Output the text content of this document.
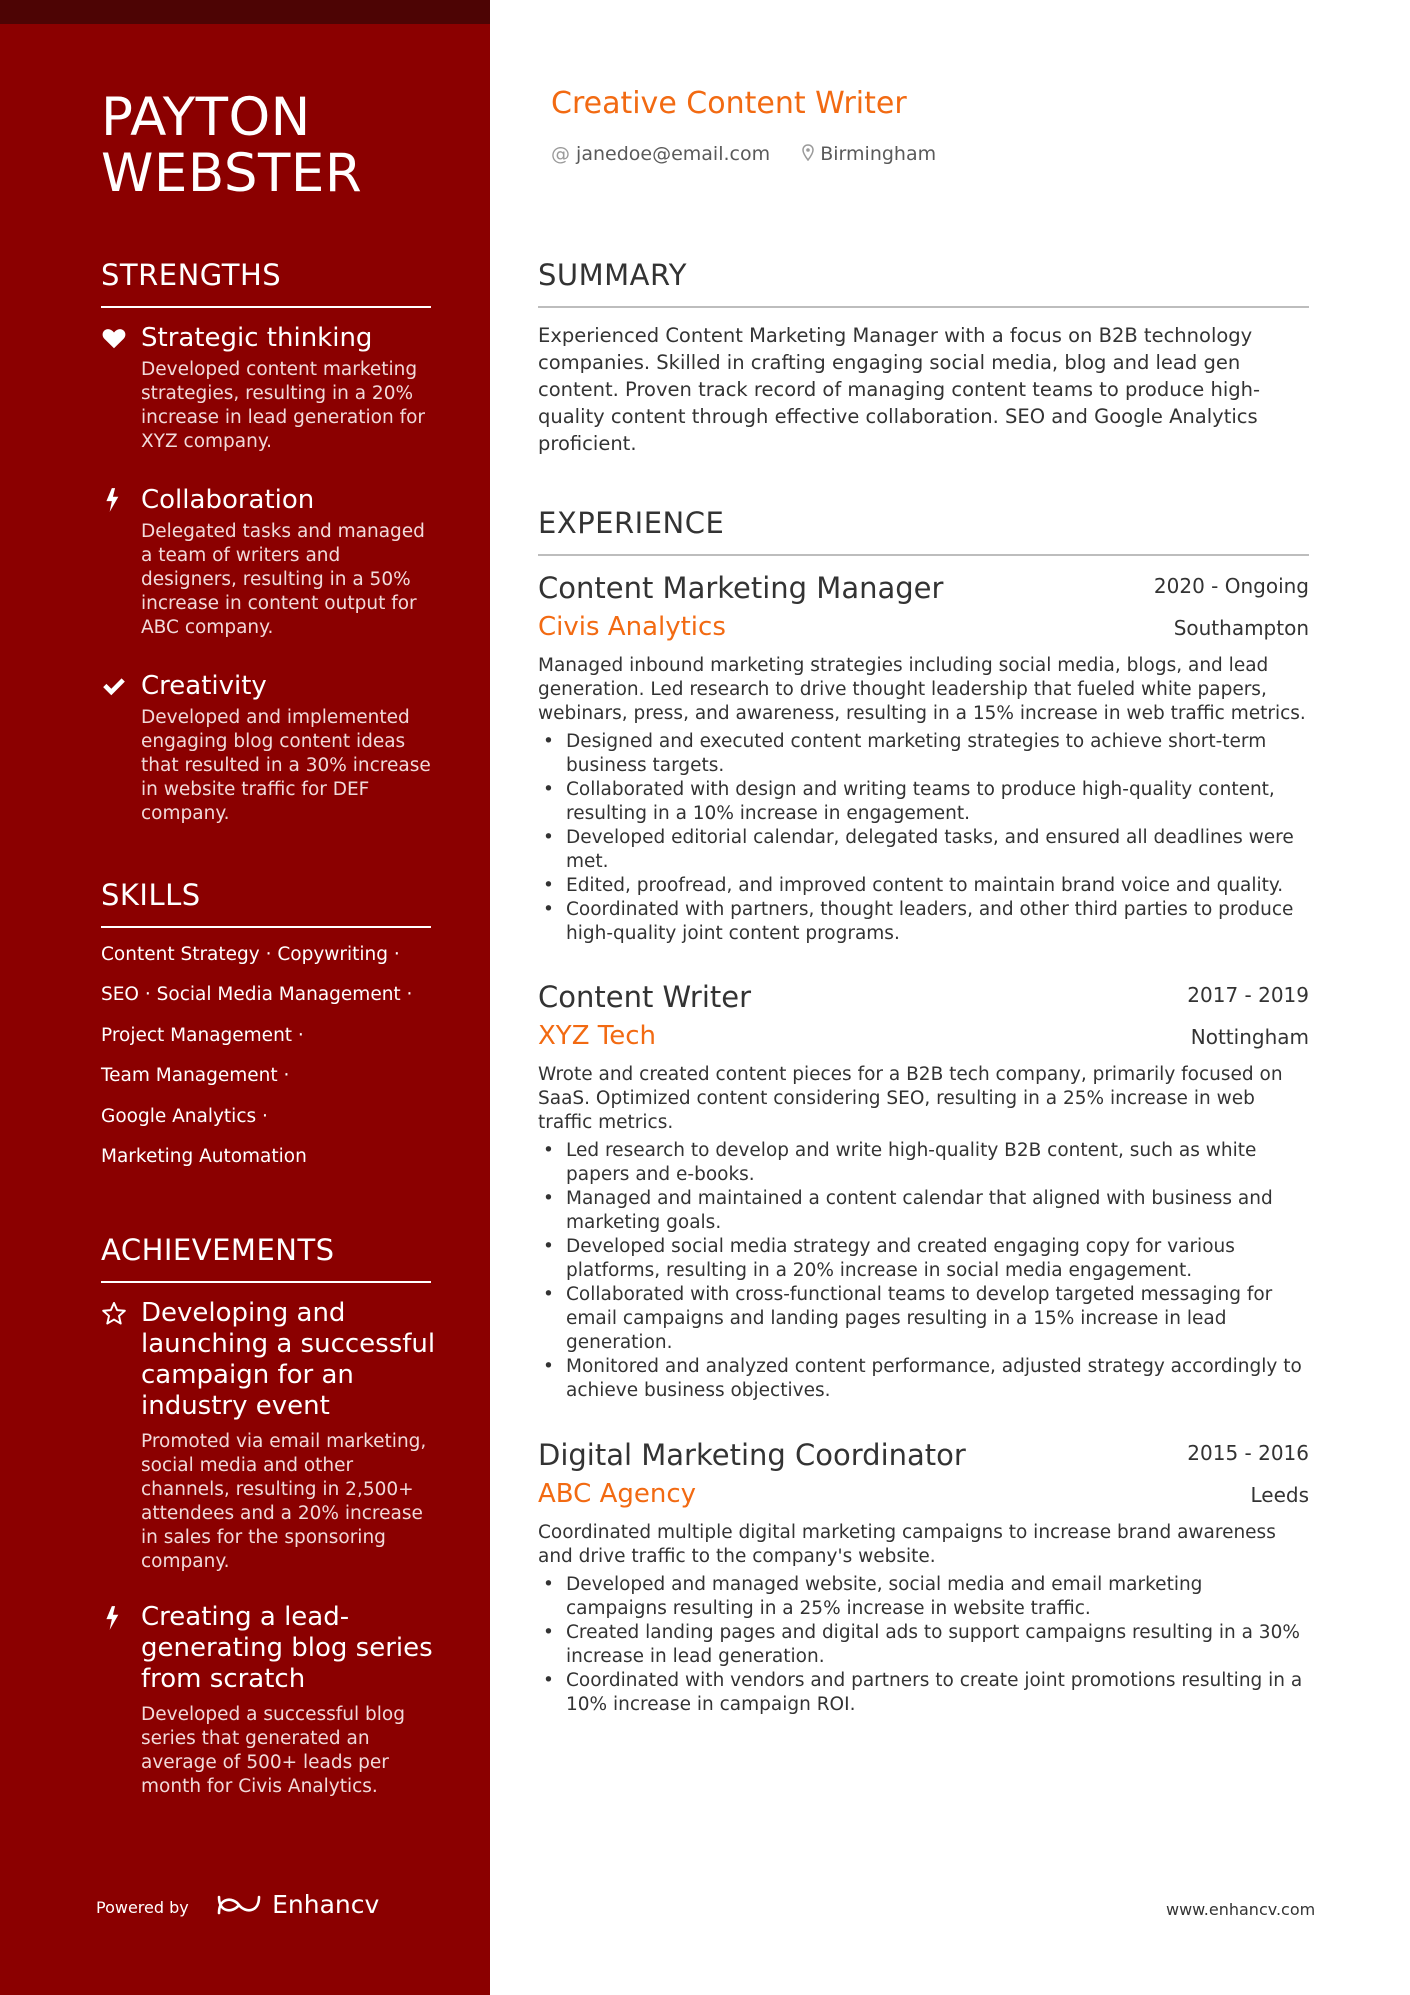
PAYTON
WEBSTER
STRENGTHS
Strategic thinking

Developed content marketing strategies, resulting in a 20% increase in lead generation for XYZ company.

Collaboration

Delegated tasks and managed a team of writers and designers, resulting in a 50% increase in content output for ABC company.

Creativity

Developed and implemented engaging blog content ideas that resulted in a 30% increase in website traffic for DEF company.

SKILLS
Content Strategy · Copywriting ·
SEO · Social Media Management ·
Project Management ·
Team Management ·
Google Analytics ·
Marketing Automation
ACHIEVEMENTS
Developing and launching a successful campaign for an industry event

Promoted via email marketing, social media and other channels, resulting in 2,500+ attendees and a 20% increase in sales for the sponsoring company.

Creating a lead-generating blog series from scratch

Developed a successful blog series that generated an average of 500+ leads per month for Civis Analytics.

Powered by	Enhancv
Creative Content Writer
@ janedoe@email.com	Birmingham
SUMMARY

Experienced Content Marketing Manager with a focus on B2B technology companies. Skilled in crafting engaging social media, blog and lead gen content. Proven track record of managing content teams to produce high-quality content through effective collaboration. SEO and Google Analytics proficient.

EXPERIENCE
Content Marketing Manager	2020 - Ongoing
Civis Analytics	Southampton

Managed inbound marketing strategies including social media, blogs, and lead generation. Led research to drive thought leadership that fueled white papers, webinars, press, and awareness, resulting in a 15% increase in web traffic metrics.

• Designed and executed content marketing strategies to achieve short-term business targets.
• Collaborated with design and writing teams to produce high-quality content, resulting in a 10% increase in engagement.
• Developed editorial calendar, delegated tasks, and ensured all deadlines were met.
• Edited, proofread, and improved content to maintain brand voice and quality.
• Coordinated with partners, thought leaders, and other third parties to produce high-quality joint content programs.
Content Writer	2017 - 2019
XYZ Tech	Nottingham

Wrote and created content pieces for a B2B tech company, primarily focused on SaaS. Optimized content considering SEO, resulting in a 25% increase in web traffic metrics.

• Led research to develop and write high-quality B2B content, such as white papers and e-books.
• Managed and maintained a content calendar that aligned with business and marketing goals.
• Developed social media strategy and created engaging copy for various platforms, resulting in a 20% increase in social media engagement.
• Collaborated with cross-functional teams to develop targeted messaging for email campaigns and landing pages resulting in a 15% increase in lead generation.
• Monitored and analyzed content performance, adjusted strategy accordingly to achieve business objectives.
Digital Marketing Coordinator	2015 - 2016
ABC Agency	Leeds

Coordinated multiple digital marketing campaigns to increase brand awareness and drive traffic to the company's website.

• Developed and managed website, social media and email marketing campaigns resulting in a 25% increase in website traffic.
• Created landing pages and digital ads to support campaigns resulting in a 30% increase in lead generation.
• Coordinated with vendors and partners to create joint promotions resulting in a 10% increase in campaign ROI.
www.enhancv.com
